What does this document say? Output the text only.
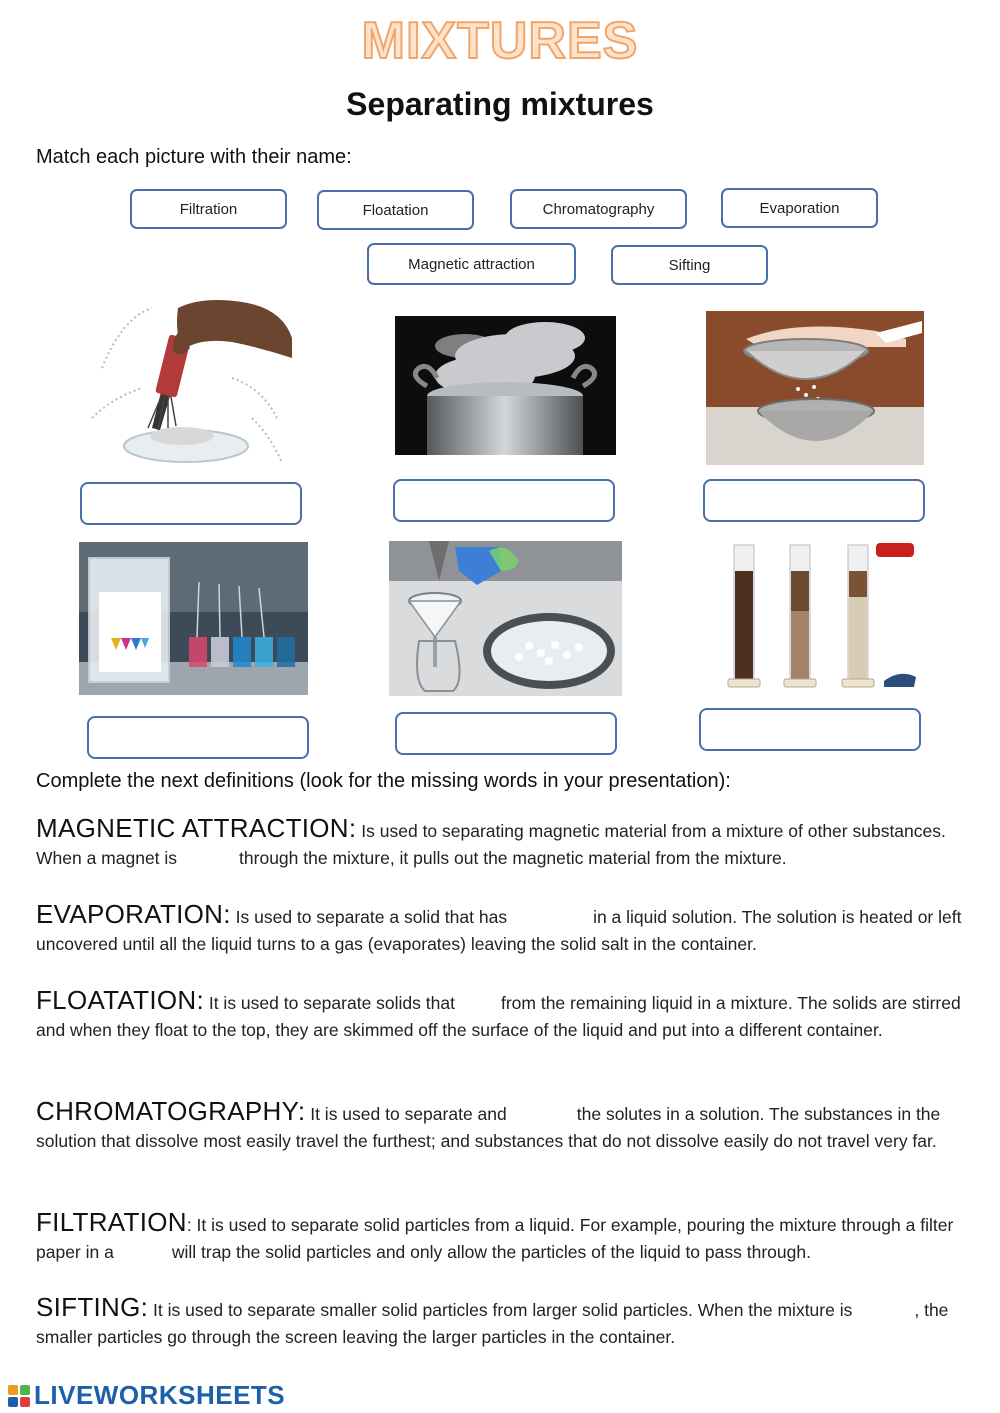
MIXTURES
Separating mixtures
Match each picture with their name:
Filtration	Floatation	Chromatography	Evaporation
Magnetic attraction	Sifting
Complete the next definitions (look for the missing words in your presentation):
MAGNETIC ATTRACTION: Is used to separating magnetic material from a mixture of other substances. When a magnet is	through the mixture, it pulls out the magnetic material from the mixture.
EVAPORATION: Is used to separate a solid that has	in a liquid solution. The solution is heated or left uncovered until all the liquid turns to a gas (evaporates) leaving the solid salt in the container.
FLOATATION: It is used to separate solids that	from the remaining liquid in a mixture. The solids are stirred and when they float to the top, they are skimmed off the surface of the liquid and put into a different container.
CHROMATOGRAPHY: It is used to separate and	the solutes in a solution. The substances in the solution that dissolve most easily travel the furthest; and substances that do not dissolve easily do not travel very far.
FILTRATION: It is used to separate solid particles from a liquid. For example, pouring the mixture through a filter paper in a	will trap the solid particles and only allow the particles of the liquid to pass through.
SIFTING: It is used to separate smaller solid particles from larger solid particles. When the mixture is	, the smaller particles go through the screen leaving the larger particles in the container.
LIVEWORKSHEETS
